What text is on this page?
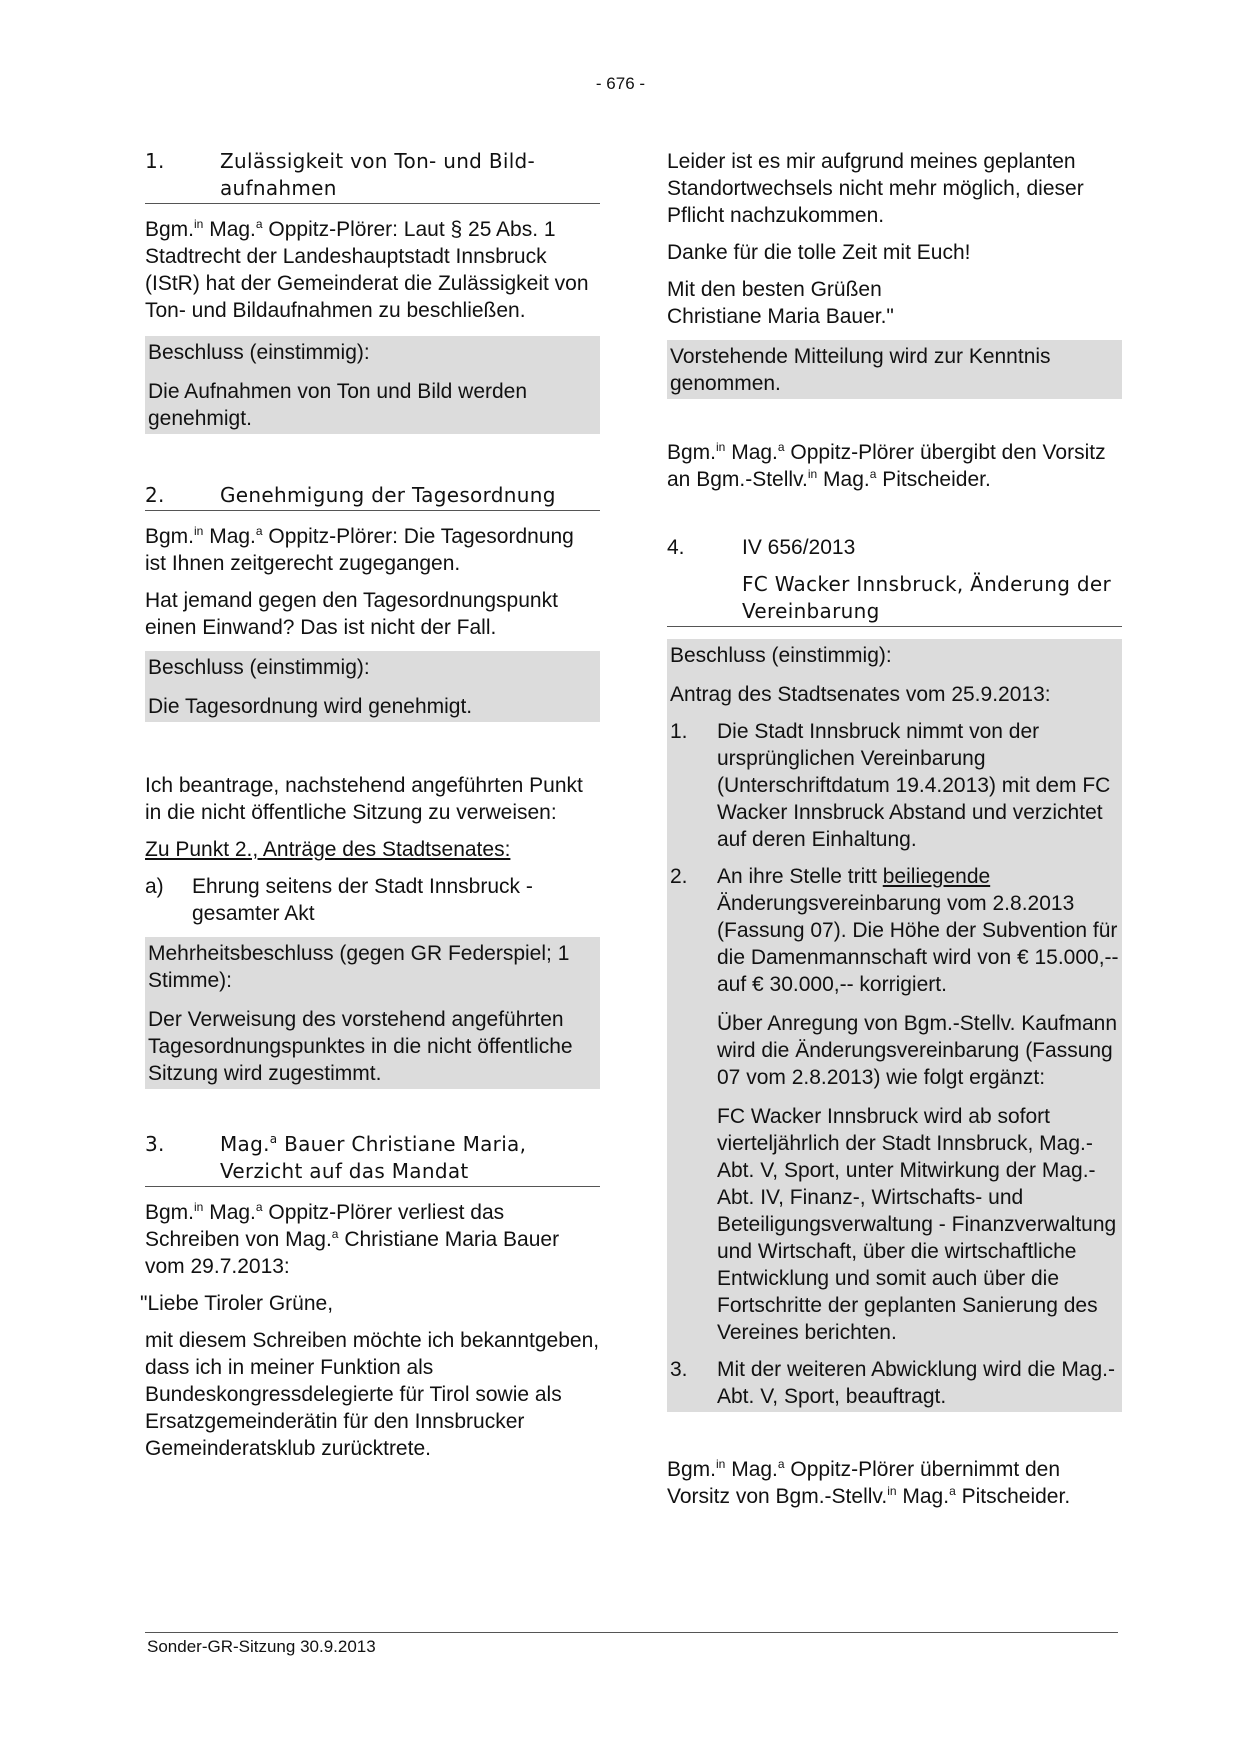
- 676 -
1.	Zulässigkeit von Ton- und Bild-aufnahmen

Bgm.$^{in}$ Mag.$^a$ Oppitz-Plörer: Laut § 25 Abs. 1 Stadtrecht der Landeshauptstadt Innsbruck (IStR) hat der Gemeinderat die Zulässigkeit von Ton- und Bildaufnahmen zu beschließen.

Beschluss (einstimmig):

Die Aufnahmen von Ton und Bild werden genehmigt.

2.	Genehmigung der Tagesordnung

Bgm.$^{in}$ Mag.$^a$ Oppitz-Plörer: Die Tagesordnung ist Ihnen zeitgerecht zugegangen.

Hat jemand gegen den Tagesordnungspunkt einen Einwand? Das ist nicht der Fall.

Beschluss (einstimmig):

Die Tagesordnung wird genehmigt.

Ich beantrage, nachstehend angeführten Punkt in die nicht öffentliche Sitzung zu verweisen:

Zu Punkt 2., Anträge des Stadtsenates:

a)	Ehrung seitens der Stadt Innsbruck - gesamter Akt

Mehrheitsbeschluss (gegen GR Federspiel; 1 Stimme):

Der Verweisung des vorstehend angeführten Tagesordnungspunktes in die nicht öffentliche Sitzung wird zugestimmt.

3.	Mag.$^a$ Bauer Christiane Maria, Verzicht auf das Mandat

Bgm.$^{in}$ Mag.$^a$ Oppitz-Plörer verliest das Schreiben von Mag.$^a$ Christiane Maria Bauer vom 29.7.2013:

"Liebe Tiroler Grüne,

mit diesem Schreiben möchte ich bekanntgeben, dass ich in meiner Funktion als Bundeskongressdelegierte für Tirol sowie als Ersatzgemeinderätin für den Innsbrucker Gemeinderatsklub zurücktrete.

Leider ist es mir aufgrund meines geplanten Standortwechsels nicht mehr möglich, dieser Pflicht nachzukommen.

Danke für die tolle Zeit mit Euch!

Mit den besten Grüßen
Christiane Maria Bauer."

Vorstehende Mitteilung wird zur Kenntnis genommen.

Bgm.$^{in}$ Mag.$^a$ Oppitz-Plörer übergibt den Vorsitz an Bgm.-Stellv.$^{in}$ Mag.$^a$ Pitscheider.

4.	IV 656/2013
FC Wacker Innsbruck, Änderung der Vereinbarung

Beschluss (einstimmig):

Antrag des Stadtsenates vom 25.9.2013:

1.	Die Stadt Innsbruck nimmt von der ursprünglichen Vereinbarung (Unterschriftdatum 19.4.2013) mit dem FC Wacker Innsbruck Abstand und verzichtet auf deren Einhaltung.
2.	An ihre Stelle tritt beiliegende Änderungsvereinbarung vom 2.8.2013 (Fassung 07). Die Höhe der Subvention für die Damenmannschaft wird von € 15.000,-- auf € 30.000,-- korrigiert.

Über Anregung von Bgm.-Stellv. Kaufmann wird die Änderungsvereinbarung (Fassung 07 vom 2.8.2013) wie folgt ergänzt:

FC Wacker Innsbruck wird ab sofort vierteljährlich der Stadt Innsbruck, Mag.-Abt. V, Sport, unter Mitwirkung der Mag.-Abt. IV, Finanz-, Wirtschafts- und Beteiligungsverwaltung - Finanzverwaltung und Wirtschaft, über die wirtschaftliche Entwicklung und somit auch über die Fortschritte der geplanten Sanierung des Vereines berichten.

3.	Mit der weiteren Abwicklung wird die Mag.-Abt. V, Sport, beauftragt.

Bgm.$^{in}$ Mag.$^a$ Oppitz-Plörer übernimmt den Vorsitz von Bgm.-Stellv.$^{in}$ Mag.$^a$ Pitscheider.

Sonder-GR-Sitzung 30.9.2013
